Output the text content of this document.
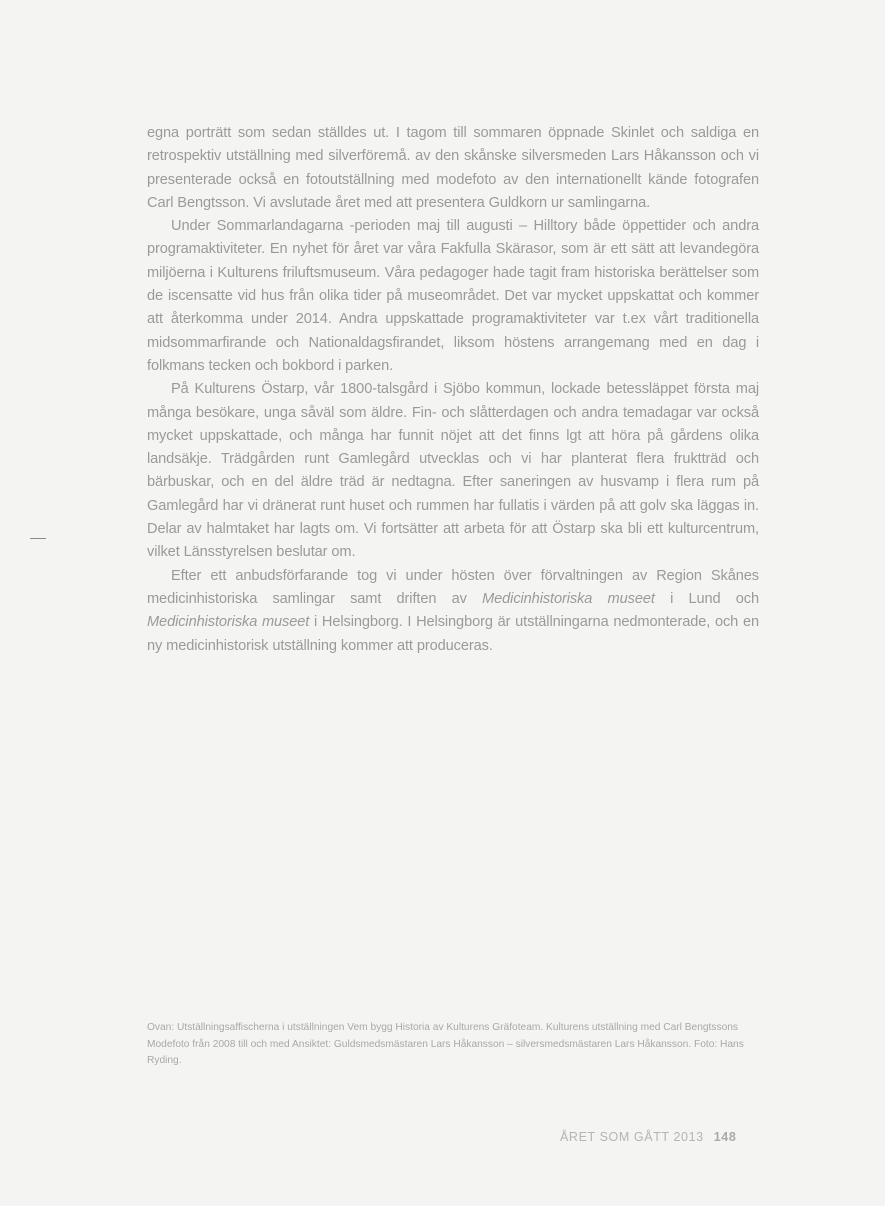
egna porträtt som sedan ställdes ut. I tagom till sommaren öppnade Skinlet och saldiga en retrospektiv utställning med silverföremå. av den skånske silversmeden Lars Håkansson och vi presenterade också en fotoutställning med modefoto av den internationellt kände fotografen Carl Bengtsson. Vi avslutade året med att presentera Guldkorn ur samlingarna.

Under Sommarlandagarna -perioden maj till augusti – Hilltory både öppettider och andra programaktiviteter. En nyhet för året var våra Fakfulla Skärasor, som är ett sätt att levandegöra miljöerna i Kulturens friluftsmuseum. Våra pedagoger hade tagit fram historiska berättelser som de iscensatte vid hus från olika tider på museområdet. Det var mycket uppskattat och kommer att återkomma under 2014. Andra uppskattade programaktiviteter var t.ex vårt traditionella midsommarfirande och Nationaldagsfirandet, liksom höstens arrangemang med en dag i folkmans tecken och bokbord i parken.

På Kulturens Östarp, vår 1800-talsgård i Sjöbo kommun, lockade betessläppet första maj många besökare, unga såväl som äldre. Fin- och slåtterdagen och andra temadagar var också mycket uppskattade, och många har funnit nöjet att det finns lgt att höra på gårdens olika landsäkje. Trädgården runt Gamlegård utvecklas och vi har planterat flera fruktträd och bärbuskar, och en del äldre träd är nedtagna. Efter saneringen av husvamp i flera rum på Gamlegård har vi dränerat runt huset och rummen har fullatis i värden på att golv ska läggas in. Delar av halmtaket har lagts om. Vi fortsätter att arbeta för att Östarp ska bli ett kulturcentrum, vilket Länsstyrelsen beslutar om.

Efter ett anbudsförfarande tog vi under hösten över förvaltningen av Region Skånes medicinhistoriska samlingar samt driften av Medicinhistoriska museet i Lund och Medicinhistoriska museet i Helsingborg. I Helsingborg är utställningarna nedmonterade, och en ny medicinhistorisk utställning kommer att produceras.

Ovan: Utställningsaffischerna i utställningen Vem bygg Historia av Kulturens Gräfoteam. Kulturens utställning med Carl Bengtssons Modefoto från 2008 till och med Ansiktet: Guldsmedsmästaren Lars Håkansson – silversmedsmästaren Lars Håkansson. Foto: Hans Ryding.
ÅRET SOM GÅTT 2013 148
